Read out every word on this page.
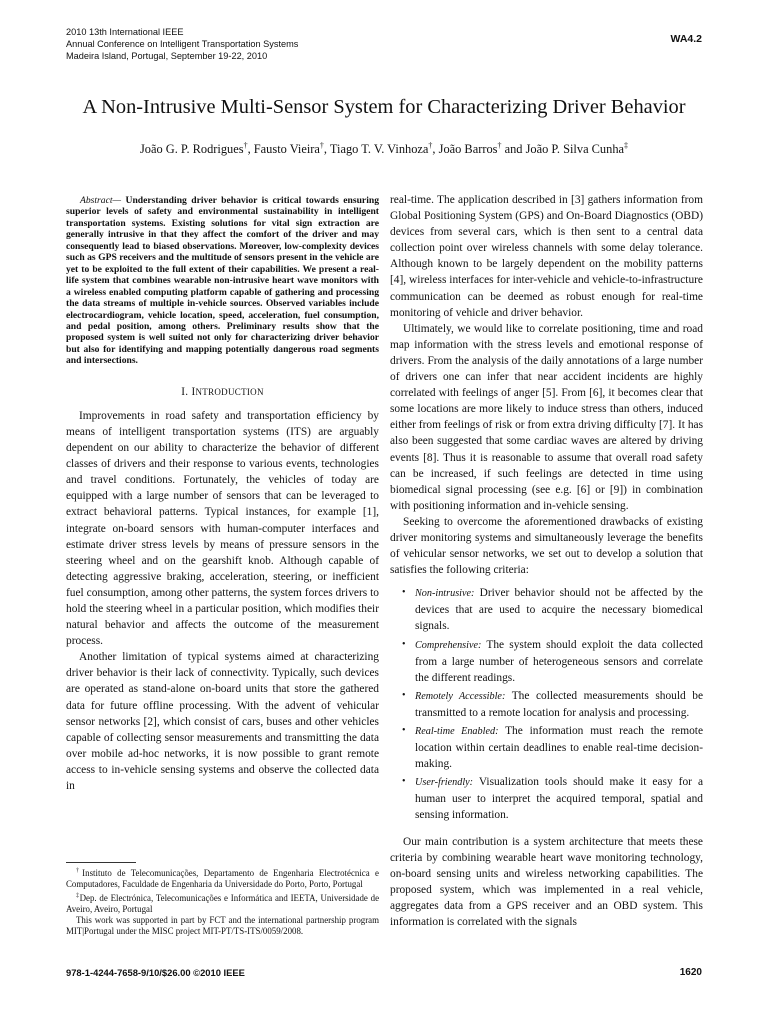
2010 13th International IEEE
Annual Conference on Intelligent Transportation Systems
Madeira Island, Portugal, September 19-22, 2010
WA4.2
A Non-Intrusive Multi-Sensor System for Characterizing Driver Behavior
João G. P. Rodrigues†, Fausto Vieira†, Tiago T. V. Vinhoza†, João Barros† and João P. Silva Cunha‡

Abstract— Understanding driver behavior is critical towards ensuring superior levels of safety and environmental sustainability in intelligent transportation systems. Existing solutions for vital sign extraction are generally intrusive in that they affect the comfort of the driver and may consequently lead to biased observations. Moreover, low-complexity devices such as GPS receivers and the multitude of sensors present in the vehicle are yet to be exploited to the full extent of their capabilities. We present a real-life system that combines wearable non-intrusive heart wave monitors with a wireless enabled computing platform capable of gathering and processing the data streams of multiple in-vehicle sources. Observed variables include electrocardiogram, vehicle location, speed, acceleration, fuel consumption, and pedal position, among others. Preliminary results show that the proposed system is well suited not only for characterizing driver behavior but also for identifying and mapping potentially dangerous road segments and intersections.

I. INTRODUCTION

Improvements in road safety and transportation efficiency by means of intelligent transportation systems (ITS) are arguably dependent on our ability to characterize the behavior of different classes of drivers and their response to various events, technologies and travel conditions. Fortunately, the vehicles of today are equipped with a large number of sensors that can be leveraged to extract behavioral patterns. Typical instances, for example [1], integrate on-board sensors with human-computer interfaces and estimate driver stress levels by means of pressure sensors in the steering wheel and on the gearshift knob. Although capable of detecting aggressive braking, acceleration, steering, or inefficient fuel consumption, among other patterns, the system forces drivers to hold the steering wheel in a particular position, which modifies their natural behavior and affects the outcome of the measurement process.

Another limitation of typical systems aimed at characterizing driver behavior is their lack of connectivity. Typically, such devices are operated as stand-alone on-board units that store the gathered data for future offline processing. With the advent of vehicular sensor networks [2], which consist of cars, buses and other vehicles capable of collecting sensor measurements and transmitting the data over mobile ad-hoc networks, it is now possible to grant remote access to in-vehicle sensing systems and observe the collected data in

†Instituto de Telecomunicações, Departamento de Engenharia Electrotécnica e Computadores, Faculdade de Engenharia da Universidade do Porto, Porto, Portugal

‡Dep. de Electrónica, Telecomunicações e Informática and IEETA, Universidade de Aveiro, Aveiro, Portugal

This work was supported in part by FCT and the international partnership program MIT|Portugal under the MISC project MIT-PT/TS-ITS/0059/2008.

real-time. The application described in [3] gathers information from Global Positioning System (GPS) and On-Board Diagnostics (OBD) devices from several cars, which is then sent to a central data collection point over wireless channels with some delay tolerance. Although known to be largely dependent on the mobility patterns [4], wireless interfaces for inter-vehicle and vehicle-to-infrastructure communication can be deemed as robust enough for real-time monitoring of vehicle and driver behavior.

Ultimately, we would like to correlate positioning, time and road map information with the stress levels and emotional response of drivers. From the analysis of the daily annotations of a large number of drivers one can infer that near accident incidents are highly correlated with feelings of anger [5]. From [6], it becomes clear that some locations are more likely to induce stress than others, induced either from feelings of risk or from extra driving difficulty [7]. It has also been suggested that some cardiac waves are altered by driving events [8]. Thus it is reasonable to assume that overall road safety can be increased, if such feelings are detected in time using biomedical signal processing (see e.g. [6] or [9]) in combination with positioning information and in-vehicle sensing.

Seeking to overcome the aforementioned drawbacks of existing driver monitoring systems and simultaneously leverage the benefits of vehicular sensor networks, we set out to develop a solution that satisfies the following criteria:

• Non-intrusive: Driver behavior should not be affected by the devices that are used to acquire the necessary biomedical signals.
• Comprehensive: The system should exploit the data collected from a large number of heterogeneous sensors and correlate the different readings.
• Remotely Accessible: The collected measurements should be transmitted to a remote location for analysis and processing.
• Real-time Enabled: The information must reach the remote location within certain deadlines to enable real-time decision-making.
• User-friendly: Visualization tools should make it easy for a human user to interpret the acquired temporal, spatial and sensing information.

Our main contribution is a system architecture that meets these criteria by combining wearable heart wave monitoring technology, on-board sensing units and wireless networking capabilities. The proposed system, which was implemented in a real vehicle, aggregates data from a GPS receiver and an OBD system. This information is correlated with the signals

978-1-4244-7658-9/10/$26.00 ©2010 IEEE	1620
